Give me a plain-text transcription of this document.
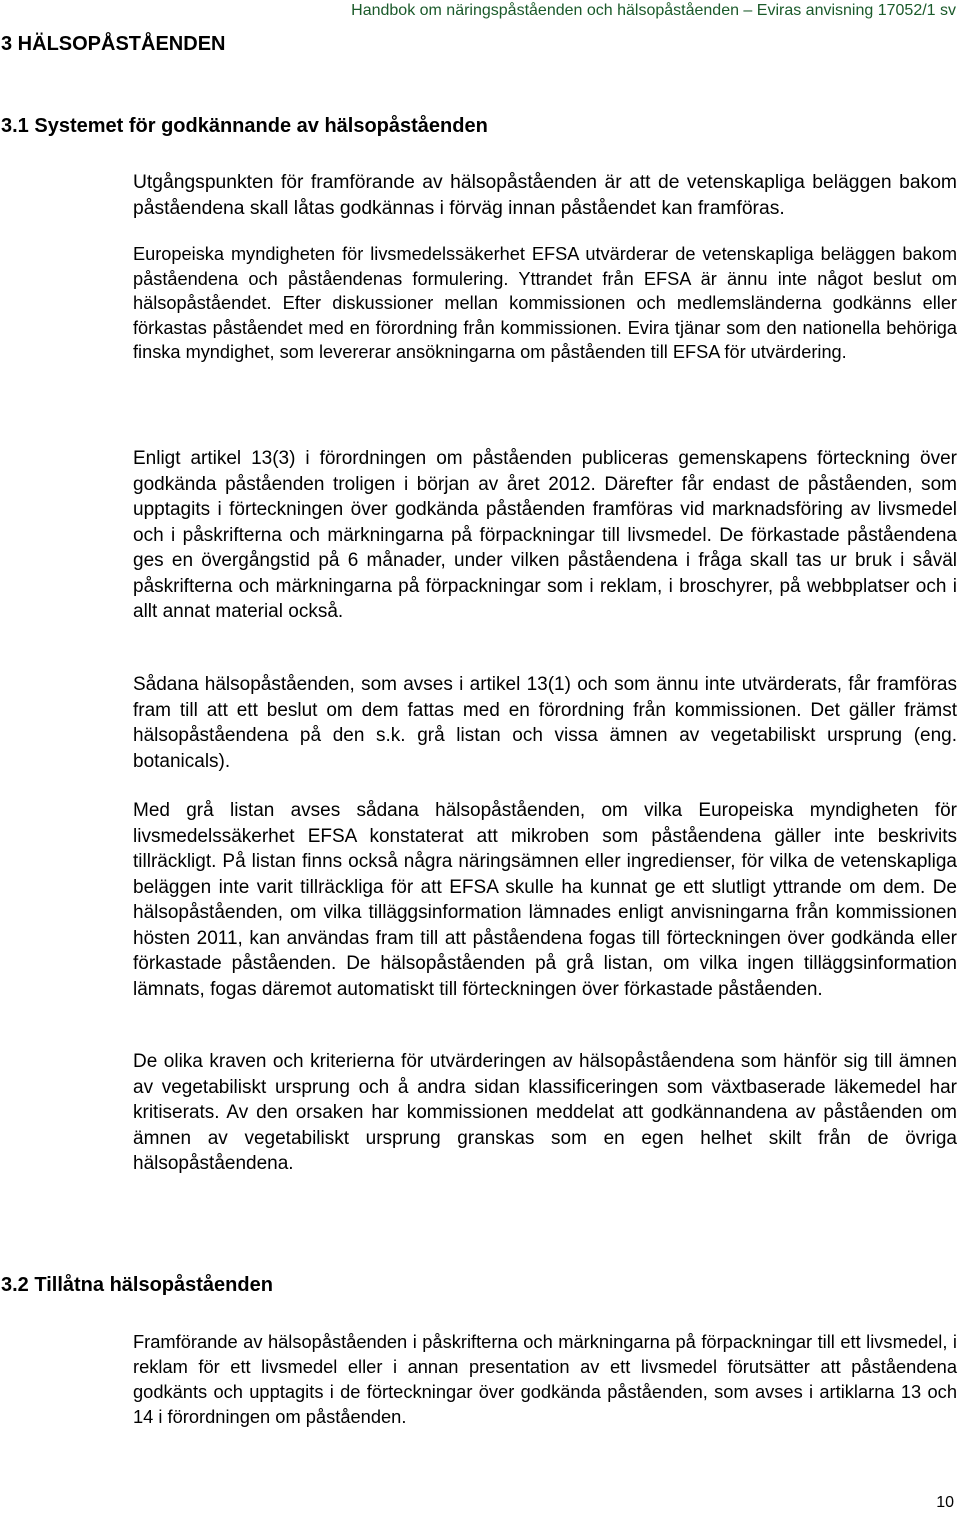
Handbok om näringspåståenden och hälsopåståenden – Eviras anvisning 17052/1 sv
3 HÄLSOPÅSTÅENDEN
3.1 Systemet för godkännande av hälsopåståenden

Utgångspunkten för framförande av hälsopåståenden är att de vetenskapliga beläggen bakom påståendena skall låtas godkännas i förväg innan påståendet kan framföras.

Europeiska myndigheten för livsmedelssäkerhet EFSA utvärderar de vetenskapliga beläggen bakom påståendena och påståendenas formulering. Yttrandet från EFSA är ännu inte något beslut om hälsopåståendet. Efter diskussioner mellan kommissionen och medlemsländerna godkänns eller förkastas påståendet med en förordning från kommissionen. Evira tjänar som den nationella behöriga finska myndighet, som levererar ansökningarna om påståenden till EFSA för utvärdering.

Enligt artikel 13(3) i förordningen om påståenden publiceras gemenskapens förteckning över godkända påståenden troligen i början av året 2012. Därefter får endast de påståenden, som upptagits i förteckningen över godkända påståenden framföras vid marknadsföring av livsmedel och i påskrifterna och märkningarna på förpackningar till livsmedel. De förkastade påståendena ges en övergångstid på 6 månader, under vilken påståendena i fråga skall tas ur bruk i såväl påskrifterna och märkningarna på förpackningar som i reklam, i broschyrer, på webbplatser och i allt annat material också.

Sådana hälsopåståenden, som avses i artikel 13(1) och som ännu inte utvärderats, får framföras fram till att ett beslut om dem fattas med en förordning från kommissionen. Det gäller främst hälsopåståendena på den s.k. grå listan och vissa ämnen av vegetabiliskt ursprung (eng. botanicals).

Med grå listan avses sådana hälsopåståenden, om vilka Europeiska myndigheten för livsmedelssäkerhet EFSA konstaterat att mikroben som påståendena gäller inte beskrivits tillräckligt. På listan finns också några näringsämnen eller ingredienser, för vilka de vetenskapliga beläggen inte varit tillräckliga för att EFSA skulle ha kunnat ge ett slutligt yttrande om dem. De hälsopåståenden, om vilka tilläggsinformation lämnades enligt anvisningarna från kommissionen hösten 2011, kan användas fram till att påståendena fogas till förteckningen över godkända eller förkastade påståenden. De hälsopåståenden på grå listan, om vilka ingen tilläggsinformation lämnats, fogas däremot automatiskt till förteckningen över förkastade påståenden.

De olika kraven och kriterierna för utvärderingen av hälsopåståendena som hänför sig till ämnen av vegetabiliskt ursprung och å andra sidan klassificeringen som växtbaserade läkemedel har kritiserats. Av den orsaken har kommissionen meddelat att godkännandena av påståenden om ämnen av vegetabiliskt ursprung granskas som en egen helhet skilt från de övriga hälsopåståendena.

3.2 Tillåtna hälsopåståenden

Framförande av hälsopåståenden i påskrifterna och märkningarna på förpackningar till ett livsmedel, i reklam för ett livsmedel eller i annan presentation av ett livsmedel förutsätter att påståendena godkänts och upptagits i de förteckningar över godkända påståenden, som avses i artiklarna 13 och 14 i förordningen om påståenden.

10
